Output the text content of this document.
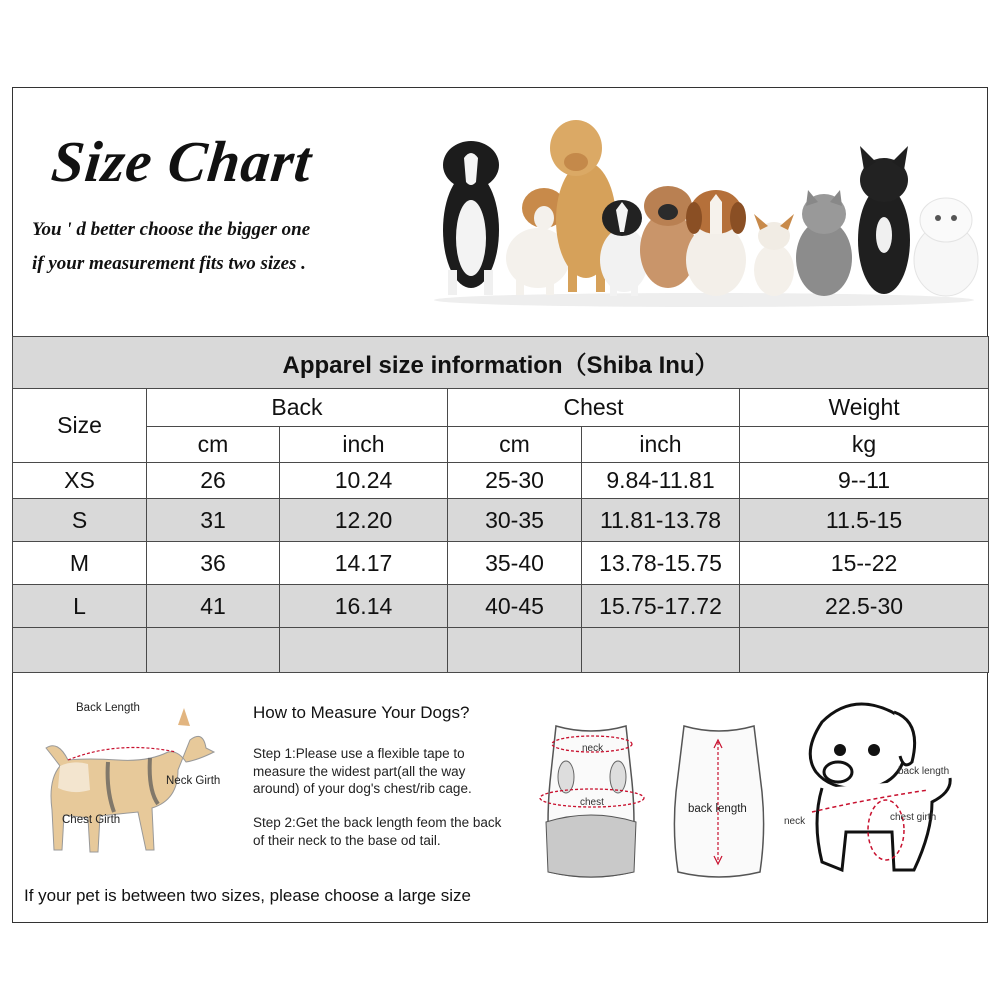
Size Chart
You ' d better choose the bigger one
if your measurement fits two sizes .
Apparel size information（Shiba Inu）					
Size	Back		Chest		Weight
	cm	inch	cm	inch	kg
XS	26	10.24	25-30	9.84-11.81	9--11
S	31	12.20	30-35	11.81-13.78	11.5-15
M	36	14.17	35-40	13.78-15.75	15--22
L	41	16.14	40-45	15.75-17.72	22.5-30

Back Length
Neck Girth
Chest Girth
How to Measure Your Dogs?
Step 1:Please use a flexible tape to measure the widest part(all the way around) of your dog's chest/rib cage.
Step 2:Get the back length feom the back of their neck to the base od tail.
neck
chest
back length
back length
neck	chest girth
If your pet is between two sizes, please choose a large size
